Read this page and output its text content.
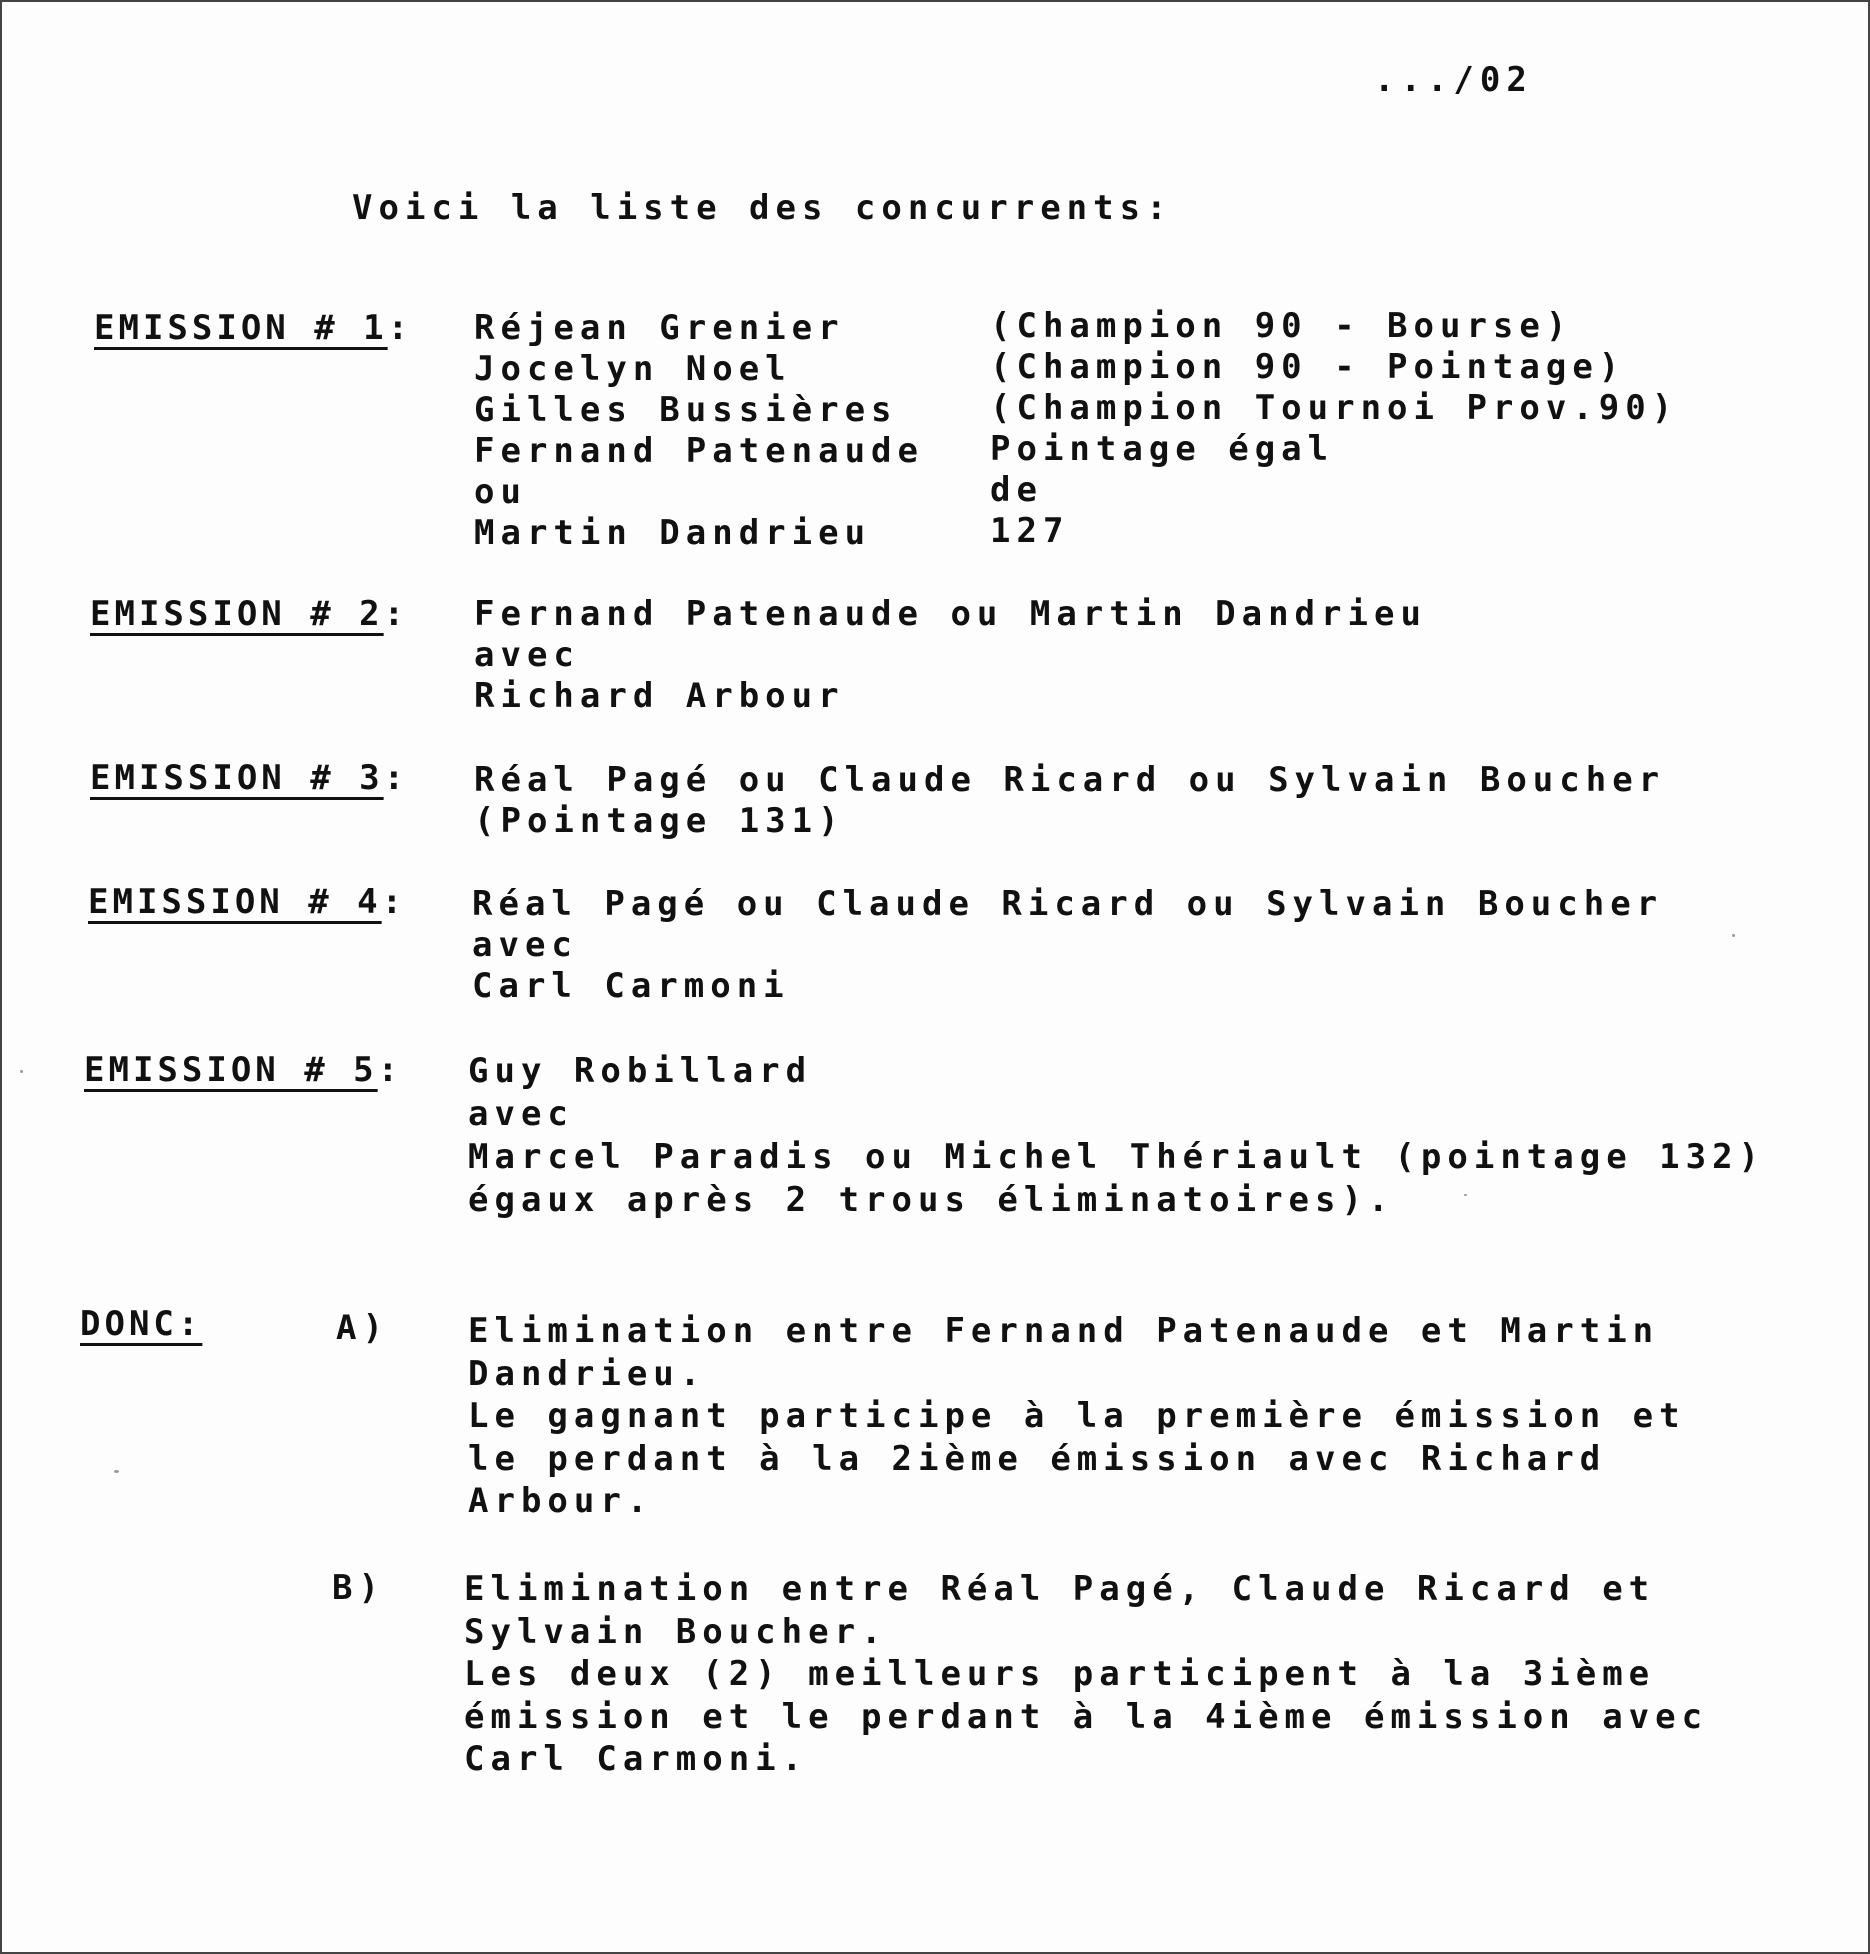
.../02
Voici la liste des concurrents:
EMISSION # 1: Réjean Grenier
Jocelyn Noel
Gilles Bussières
Fernand Patenaude
ou
Martin Dandrieu
(Champion 90 - Bourse)
(Champion 90 - Pointage)
(Champion Tournoi Prov.90)
Pointage égal
de
127
EMISSION # 2: Fernand Patenaude ou Martin Dandrieu
avec
Richard Arbour
EMISSION # 3: Réal Pagé ou Claude Ricard ou Sylvain Boucher
(Pointage 131)
EMISSION # 4: Réal Pagé ou Claude Ricard ou Sylvain Boucher
avec
Carl Carmoni
EMISSION # 5: Guy Robillard
avec
Marcel Paradis ou Michel Thériault (pointage 132)
égaux après 2 trous éliminatoires).
DONC:	A) Elimination entre Fernand Patenaude et Martin
Dandrieu.
Le gagnant participe à la première émission et
le perdant à la 2ième émission avec Richard
Arbour.
B) Elimination entre Réal Pagé, Claude Ricard et
Sylvain Boucher.
Les deux (2) meilleurs participent à la 3ième
émission et le perdant à la 4ième émission avec
Carl Carmoni.
